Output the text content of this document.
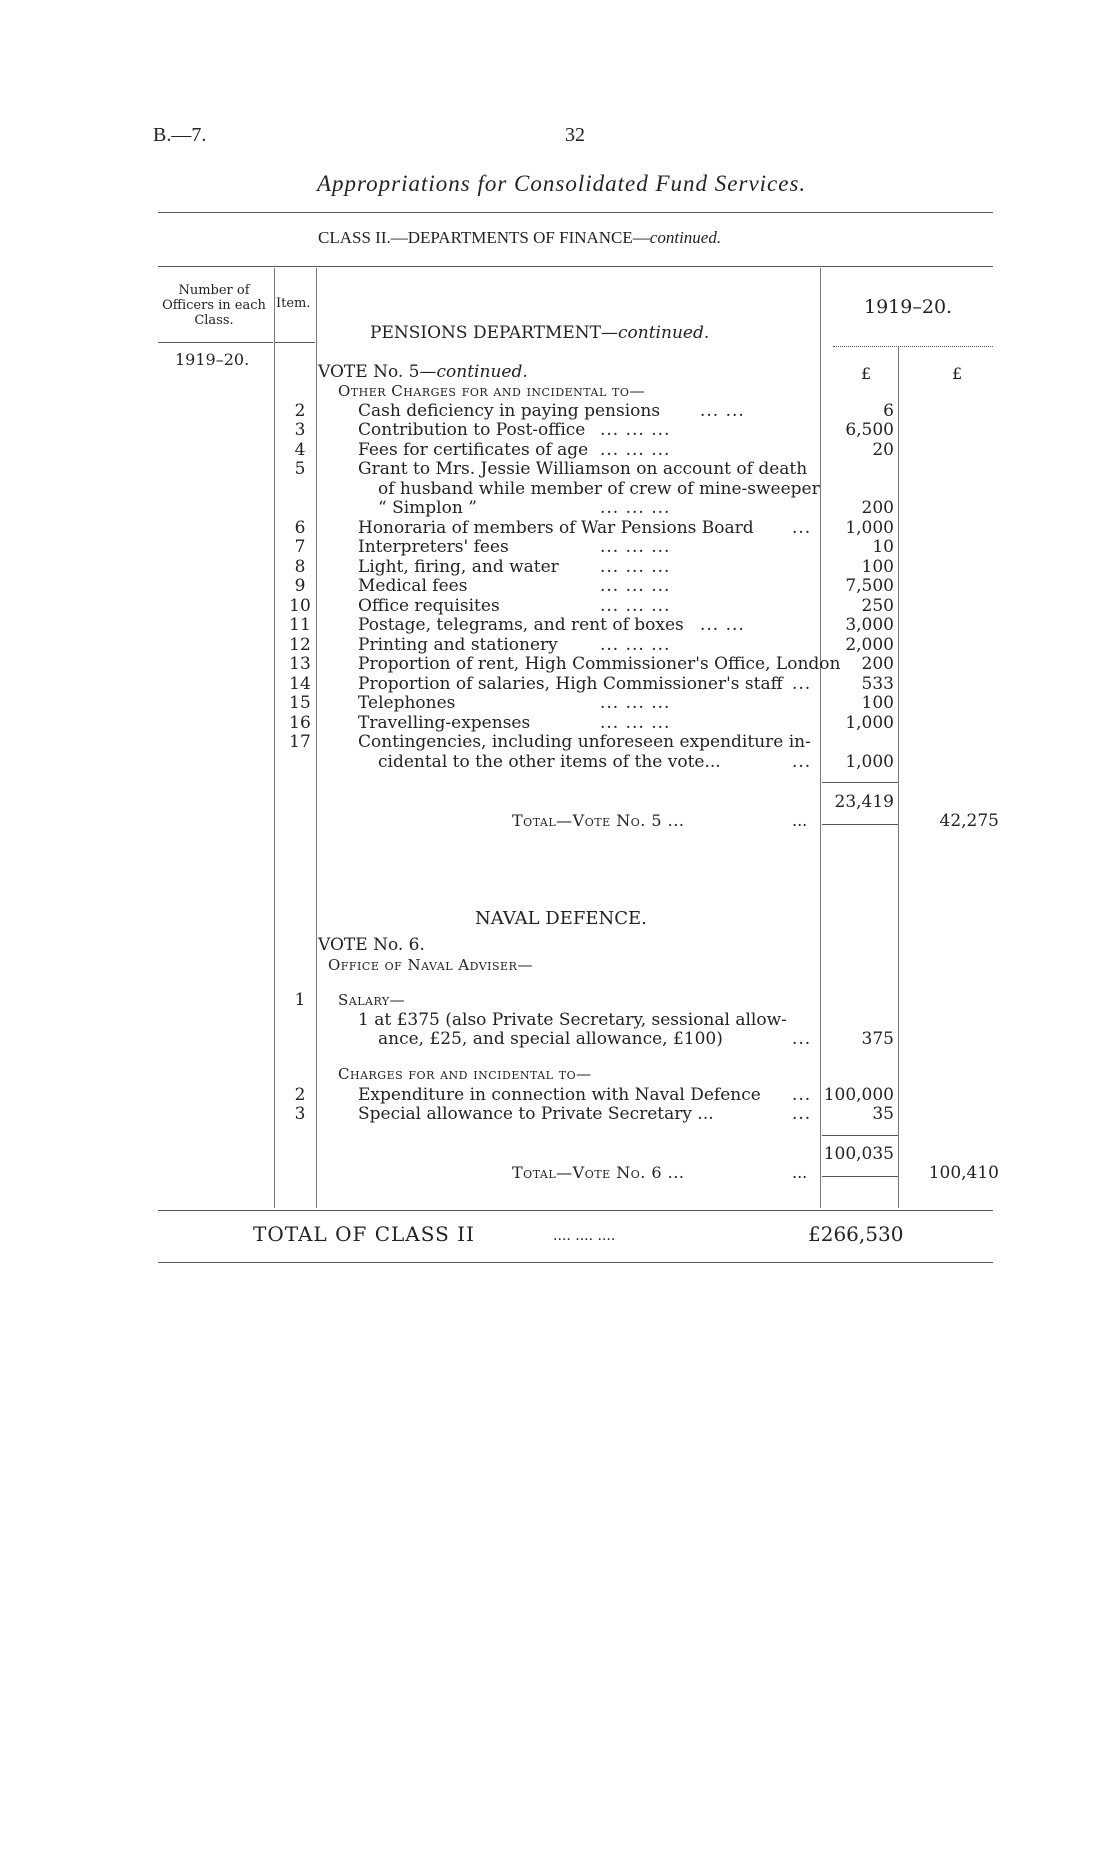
B.—7.	32
Appropriations for Consolidated Fund Services.
CLASS II.—DEPARTMENTS OF FINANCE—continued.
Number of Officers in each Class.
Item.	1919–20.
1919–20.
PENSIONS DEPARTMENT—continued.
VOTE No. 5—continued.	£	£
Other Charges for and incidental to—
2	Cash deficiency in paying pensions ... ...	6
3	Contribution to Post-office ... ... ...	6,500
4	Fees for certificates of age ... ... ...	20
5	Grant to Mrs. Jessie Williamson on account of death
of husband while member of crew of mine-sweeper
“ Simplon ”	... ... ...	200
6	Honoraria of members of War Pensions Board ... 1,000
7	Interpreters' fees	... ... ...	10
8	Light, firing, and water ... ... ...	100
9	Medical fees	... ... ...	7,500
10	Office requisites	... ... ...	250
11	Postage, telegrams, and rent of boxes ... ...	3,000
12	Printing and stationery ... ... ...	2,000
13	Proportion of rent, High Commissioner's Office, London 200
14	Proportion of salaries, High Commissioner's staff ...	533
15	Telephones	... ... ...	100
16	Travelling-expenses	... ... ...	1,000
17	Contingencies, including unforeseen expenditure in-
cidental to the other items of the vote...	... 1,000
23,419
Total—Vote No. 5 ...	...	42,275
NAVAL DEFENCE.
VOTE No. 6.
Office of Naval Adviser—
1	Salary—
1 at £375 (also Private Secretary, sessional allow-
ance, £25, and special allowance, £100)	...	375
Charges for and incidental to—
2	Expenditure in connection with Naval Defence ... 100,000
3	Special allowance to Private Secretary ...	...	35
100,035
Total—Vote No. 6 ...	...	100,410
TOTAL OF CLASS II	.... .... ....	£266,530
